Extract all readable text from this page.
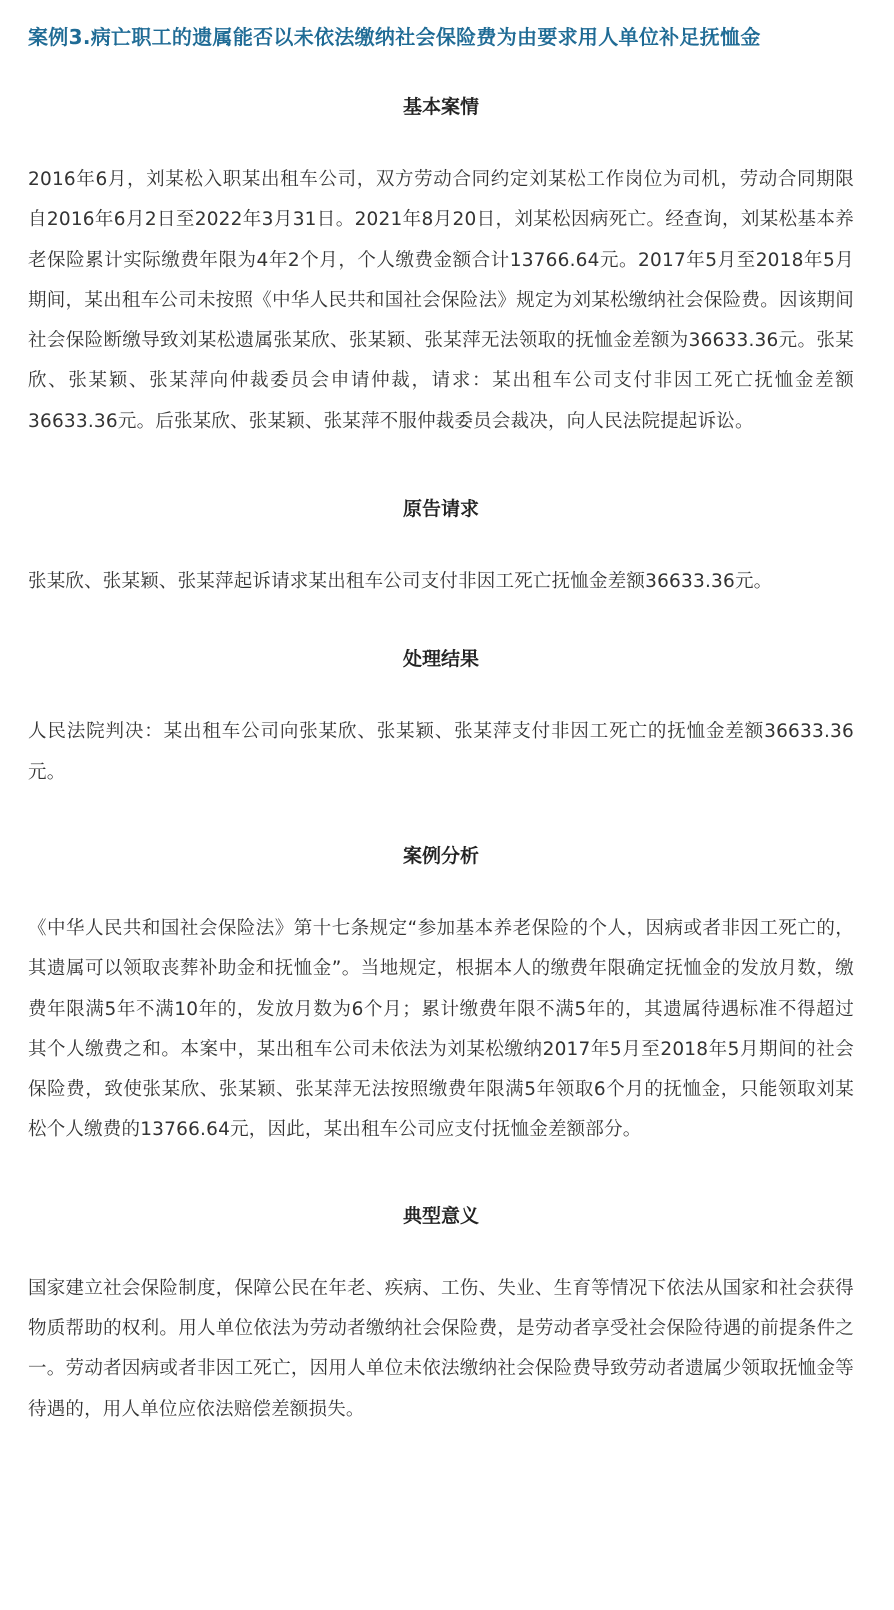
案例3.病亡职工的遗属能否以未依法缴纳社会保险费为由要求用人单位补足抚恤金
基本案情

2016年6月，刘某松入职某出租车公司，双方劳动合同约定刘某松工作岗位为司机，劳动合同期限自2016年6月2日至2022年3月31日。2021年8月20日，刘某松因病死亡。经查询，刘某松基本养老保险累计实际缴费年限为4年2个月，个人缴费金额合计13766.64元。2017年5月至2018年5月期间，某出租车公司未按照《中华人民共和国社会保险法》规定为刘某松缴纳社会保险费。因该期间社会保险断缴导致刘某松遗属张某欣、张某颖、张某萍无法领取的抚恤金差额为36633.36元。张某欣、张某颖、张某萍向仲裁委员会申请仲裁，请求：某出租车公司支付非因工死亡抚恤金差额36633.36元。后张某欣、张某颖、张某萍不服仲裁委员会裁决，向人民法院提起诉讼。

原告请求

张某欣、张某颖、张某萍起诉请求某出租车公司支付非因工死亡抚恤金差额36633.36元。

处理结果

人民法院判决：某出租车公司向张某欣、张某颖、张某萍支付非因工死亡的抚恤金差额36633.36元。

案例分析

《中华人民共和国社会保险法》第十七条规定“参加基本养老保险的个人，因病或者非因工死亡的，其遗属可以领取丧葬补助金和抚恤金”。当地规定，根据本人的缴费年限确定抚恤金的发放月数，缴费年限满5年不满10年的，发放月数为6个月；累计缴费年限不满5年的，其遗属待遇标准不得超过其个人缴费之和。本案中，某出租车公司未依法为刘某松缴纳2017年5月至2018年5月期间的社会保险费，致使张某欣、张某颖、张某萍无法按照缴费年限满5年领取6个月的抚恤金，只能领取刘某松个人缴费的13766.64元，因此，某出租车公司应支付抚恤金差额部分。

典型意义

国家建立社会保险制度，保障公民在年老、疾病、工伤、失业、生育等情况下依法从国家和社会获得物质帮助的权利。用人单位依法为劳动者缴纳社会保险费，是劳动者享受社会保险待遇的前提条件之一。劳动者因病或者非因工死亡，因用人单位未依法缴纳社会保险费导致劳动者遗属少领取抚恤金等待遇的，用人单位应依法赔偿差额损失。
